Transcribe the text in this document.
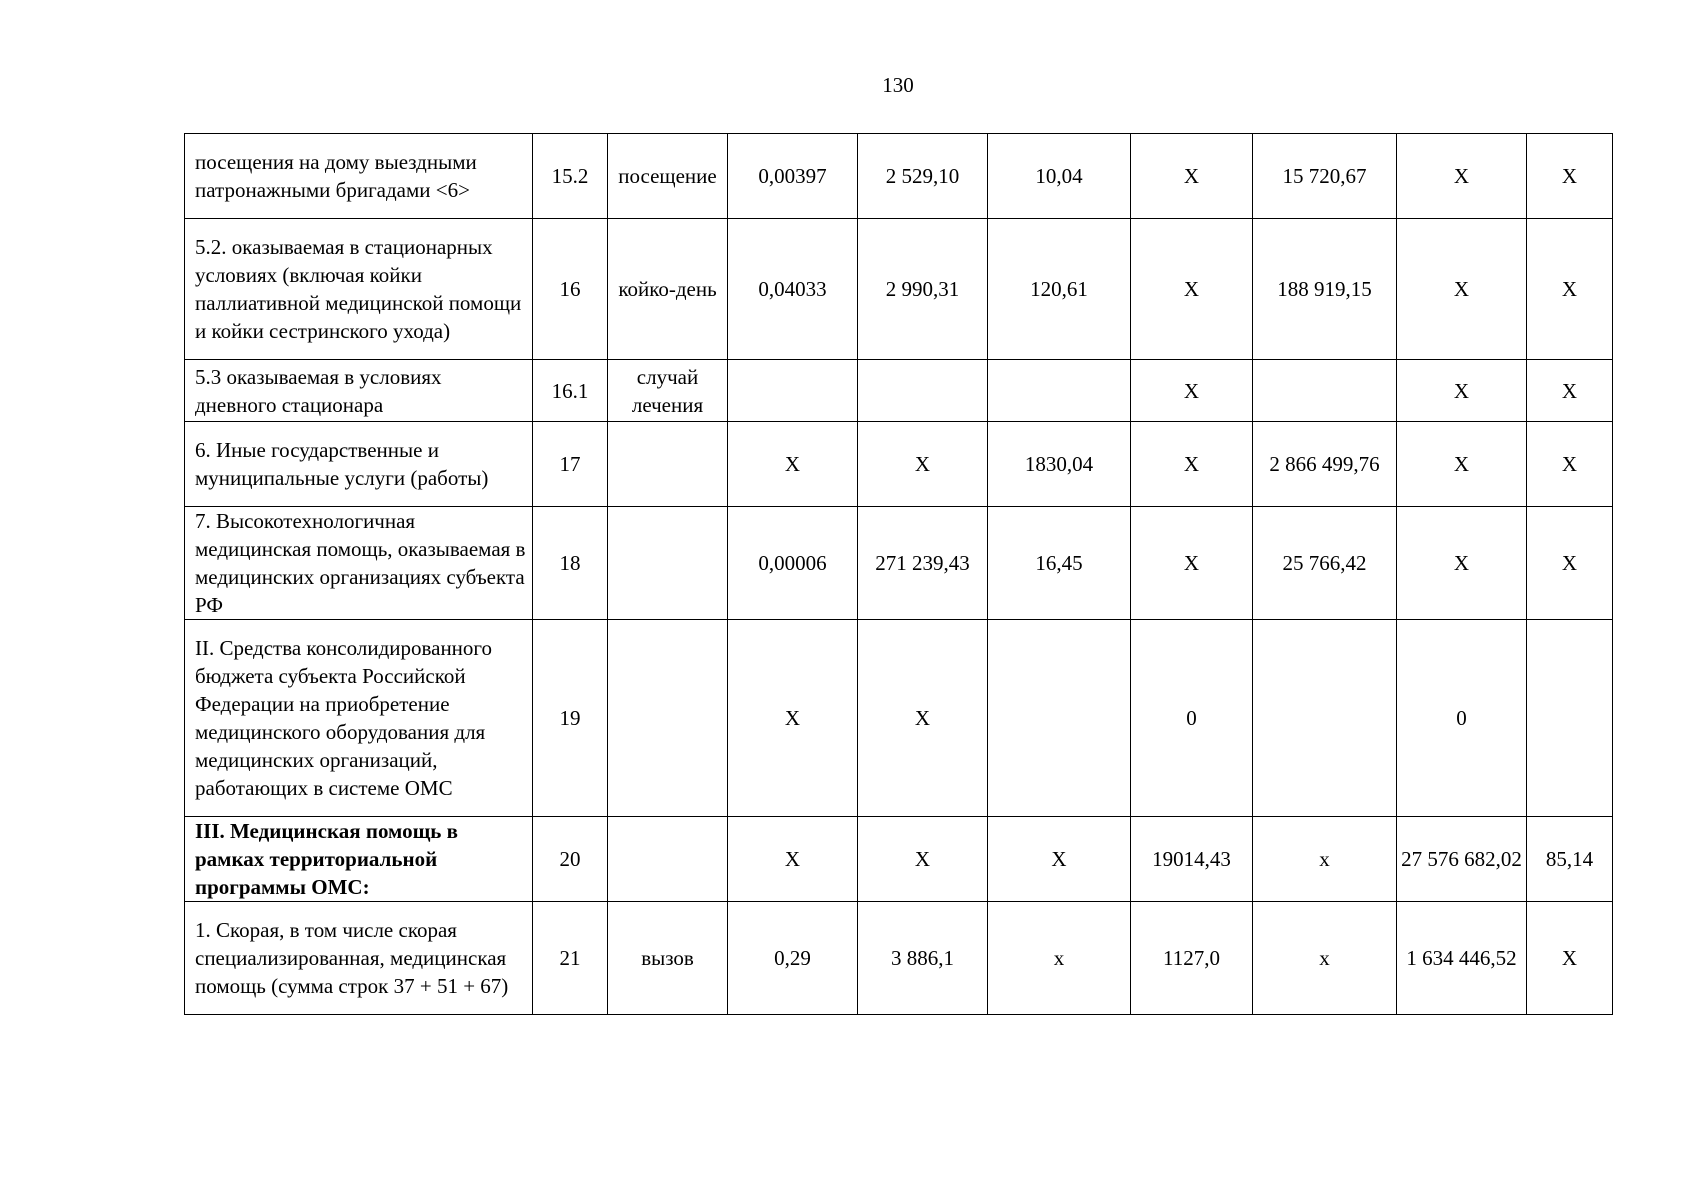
130
посещения на дому выездными патронажными бригадами <6>	15.2	посещение	0,00397	2 529,10	10,04	X	15 720,67	X	X
5.2. оказываемая в стационарных условиях (включая койки паллиативной медицинской помощи и койки сестринского ухода)	16	койко-день	0,04033	2 990,31	120,61	X	188 919,15	X	X
5.3 оказываемая в условиях дневного стационара	16.1	случай лечения				X		X	X
6. Иные государственные и муниципальные услуги (работы)	17		X	X	1830,04	X	2 866 499,76	X	X
7. Высокотехнологичная медицинская помощь, оказываемая в медицинских организациях субъекта РФ	18		0,00006	271 239,43	16,45	X	25 766,42	X	X
II. Средства консолидированного бюджета субъекта Российской Федерации на приобретение медицинского оборудования для медицинских организаций, работающих в системе ОМС	19		X	X		0		0	
III. Медицинская помощь в рамках территориальной программы ОМС:	20		X	X	X	19014,43	x	27 576 682,02	85,14
1. Скорая, в том числе скорая специализированная, медицинская помощь (сумма строк 37 + 51 + 67)	21	вызов	0,29	3 886,1	x	1127,0	x	1 634 446,52	X
